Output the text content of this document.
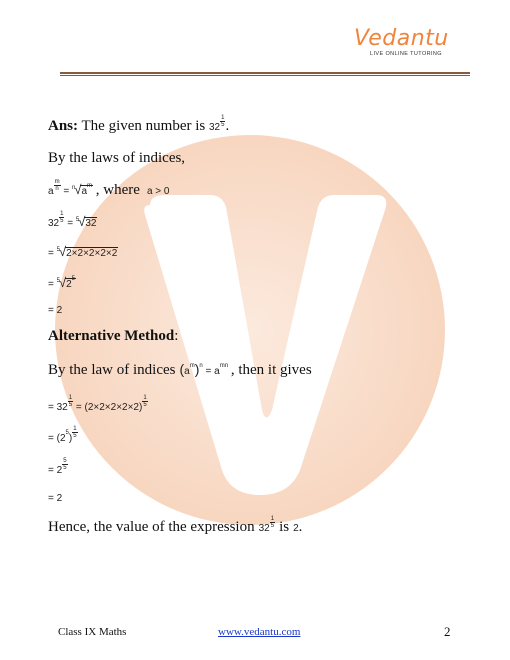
Vedantu
LIVE ONLINE TUTORING
Ans: The given number is $32 \frac{1}{5}$ .
By the laws of indices,
a $\frac{m}{n} = ^n√a^m$ , where a > 0
$32 \frac{1}{5} = ^5√32$
= $^5$√2×2×2×2×2
= $^5√2^5$
= 2
Alternative Method:
By the law of indices $(a^m)^n = a^{mn}$ , then it gives
= $32 \frac{1}{5} = (2\times 2\times 2\times 2\times 2) \frac{1}{5}$
= $(2^5) \frac{1}{5}$
= $2 \frac{5}{5}$
= 2
Hence, the value of the expression $32 \frac{1}{5}$ is 2.
Class IX Maths	www.vedantu.com	2
